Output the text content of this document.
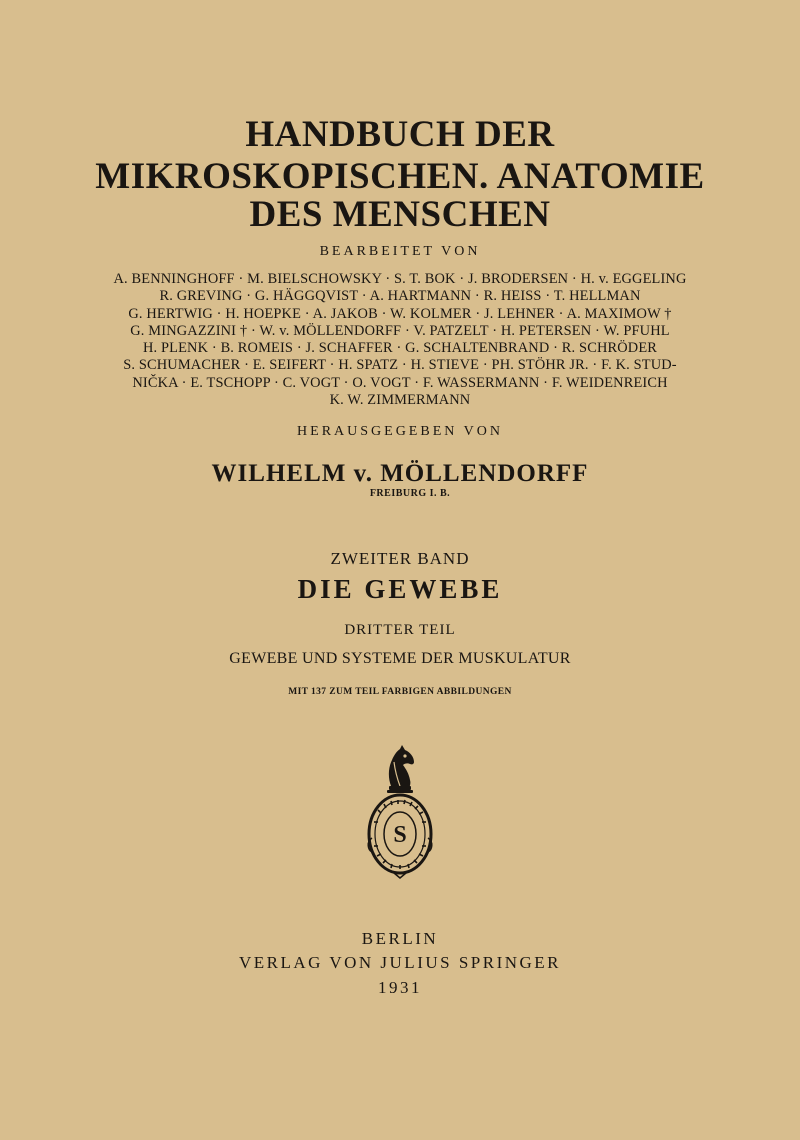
HANDBUCH DER
MIKROSKOPISCHEN. ANATOMIE
DES MENSCHEN
BEARBEITET VON
A. BENNINGHOFF · M. BIELSCHOWSKY · S. T. BOK · J. BRODERSEN · H. v. EGGELING
R. GREVING · G. HÄGGQVIST · A. HARTMANN · R. HEISS · T. HELLMAN
G. HERTWIG · H. HOEPKE · A. JAKOB · W. KOLMER · J. LEHNER · A. MAXIMOW †
G. MINGAZZINI † · W. v. MÖLLENDORFF · V. PATZELT · H. PETERSEN · W. PFUHL
H. PLENK · B. ROMEIS · J. SCHAFFER · G. SCHALTENBRAND · R. SCHRÖDER
S. SCHUMACHER · E. SEIFERT · H. SPATZ · H. STIEVE · PH. STÖHR JR. · F. K. STUD-
NIČKA · E. TSCHOPP · C. VOGT · O. VOGT · F. WASSERMANN · F. WEIDENREICH
K. W. ZIMMERMANN
HERAUSGEGEBEN VON
WILHELM v. MÖLLENDORFF
FREIBURG I. B.
ZWEITER BAND
DIE GEWEBE
DRITTER TEIL
GEWEBE UND SYSTEME DER MUSKULATUR
MIT 137 ZUM TEIL FARBIGEN ABBILDUNGEN
S
BERLIN
VERLAG VON JULIUS SPRINGER
1931
